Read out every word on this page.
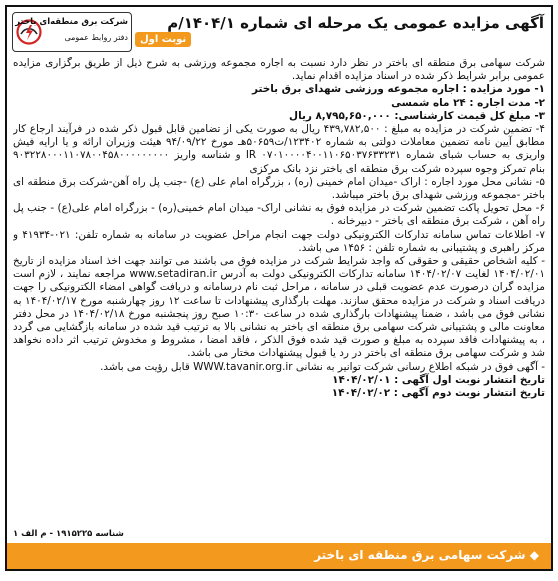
شرکت برق منطقه‌ای باختر
دفتر روابط عمومی	نوبت اول
آگهی مزایده عمومی یک مرحله ای شماره ۱۴۰۴/۱/م

شرکت سهامی برق منطقه ای باختر در نظر دارد نسبت به اجاره مجموعه ورزشی به شرح ذیل از طریق برگزاری مزایده عمومی برابر شرایط ذکر شده در اسناد مزایده اقدام نماید.

۱- مورد مزایده : اجاره مجموعه ورزشی شهدای برق باختر

۲- مدت اجاره : ۲۴ ماه شمسی

۳- مبلغ کل قیمت کارشناسی: ۸,۷۹۵,۶۵۰,۰۰۰ ریال

۴- تضمین شرکت در مزایده به مبلغ : ۴۳۹,۷۸۲,۵۰۰ ریال به صورت یکی از تضامین قابل قبول ذکر شده در فرآیند ارجاع کار مطابق آیین نامه تضمین معاملات دولتی به شماره ۱۲۳۴۰۲/ت۵۰۶۵۹هـ مورخ ۹۴/۰۹/۲۲ هیئت وزیران ارائه و یا ارایه فیش واریزی به حساب شبای شماره IR ۰۷۰۱۰۰۰۰۴۰۰۱۱۰۶۵۰۳۷۶۳۳۲۳۱ و شناسه واریز ۹۰۳۲۲۸۰۰۰۱۱۰۷۸۰۰۴۵۸۰۰۰۰۰۰۰۰۰ بنام تمرکز وجوه سپرده شرکت برق منطقه ای باختر نزد بانک مرکزی

۵- نشانی محل مورد اجاره : اراک -میدان امام خمینی (ره) ، بزرگراه امام علی (ع) -جنب پل راه آهن-شرکت برق منطقه ای باختر -مجموعه ورزشی شهدای برق باختر میباشد.

۶- محل تحویل پاکت تضمین شرکت در مزایده فوق به نشانی اراک- میدان امام خمینی(ره) - بزرگراه امام علی(ع) - جنب پل راه آهن ، شرکت برق منطقه ای باختر - دبیرخانه .

۷- اطلاعات تماس سامانه تدارکات الکترونیکی دولت جهت انجام مراحل عضویت در سامانه به شماره تلفن: ۰۲۱-۴۱۹۳۴ و مرکز راهبری و پشتیبانی به شماره تلفن : ۱۴۵۶ می باشد.

- کلیه اشخاص حقیقی و حقوقی که واجد شرایط شرکت در مزایده فوق می باشند می توانند جهت اخذ اسناد مزایده از تاریخ ۱۴۰۴/۰۲/۰۱ لغایت ۱۴۰۴/۰۲/۰۷ سامانه تدارکات الکترونیکی دولت به آدرس www.setadiran.ir مراجعه نمایند ، لازم است مزایده گران درصورت عدم عضویت قبلی در سامانه ، مراحل ثبت نام درسامانه و دریافت گواهی امضاء الکترونیکی را جهت دریافت اسناد و شرکت در مزایده محقق سازند. مهلت بارگذاری پیشنهادات تا ساعت ۱۲ روز چهارشنبه مورخ ۱۴۰۴/۰۲/۱۷ به نشانی فوق می باشد ، ضمنا پیشنهادات بارگذاری شده در ساعت ۱۰:۳۰ صبح روز پنجشنبه مورخ ۱۴۰۴/۰۲/۱۸ در محل دفتر معاونت مالی و پشتیبانی شرکت سهامی برق منطقه ای باختر به نشانی بالا به ترتیب قید شده در سامانه بازگشایی می گردد ، به پیشنهادات فاقد سپرده به مبلغ و صورت قید شده فوق الذکر ، فاقد امضا ، مشروط و مخدوش ترتیب اثر داده نخواهد شد و شرکت سهامی برق منطقه ای باختر در رد یا قبول پیشنهادات مختار می باشد.

- آگهی فوق در شبکه اطلاع رسانی شرکت توانیر به نشانی WWW.tavanir.org.ir قابل رؤیت می باشد.

تاریخ انتشار نوبت اول آگهی : ۱۴۰۴/۰۲/۰۱

تاریخ انتشار نوبت دوم آگهی : ۱۴۰۴/۰۲/۰۲

شناسه ۱۹۱۵۲۲۵ - م الف ۱
◆ شرکت سهامی برق منطقه ای باختر
